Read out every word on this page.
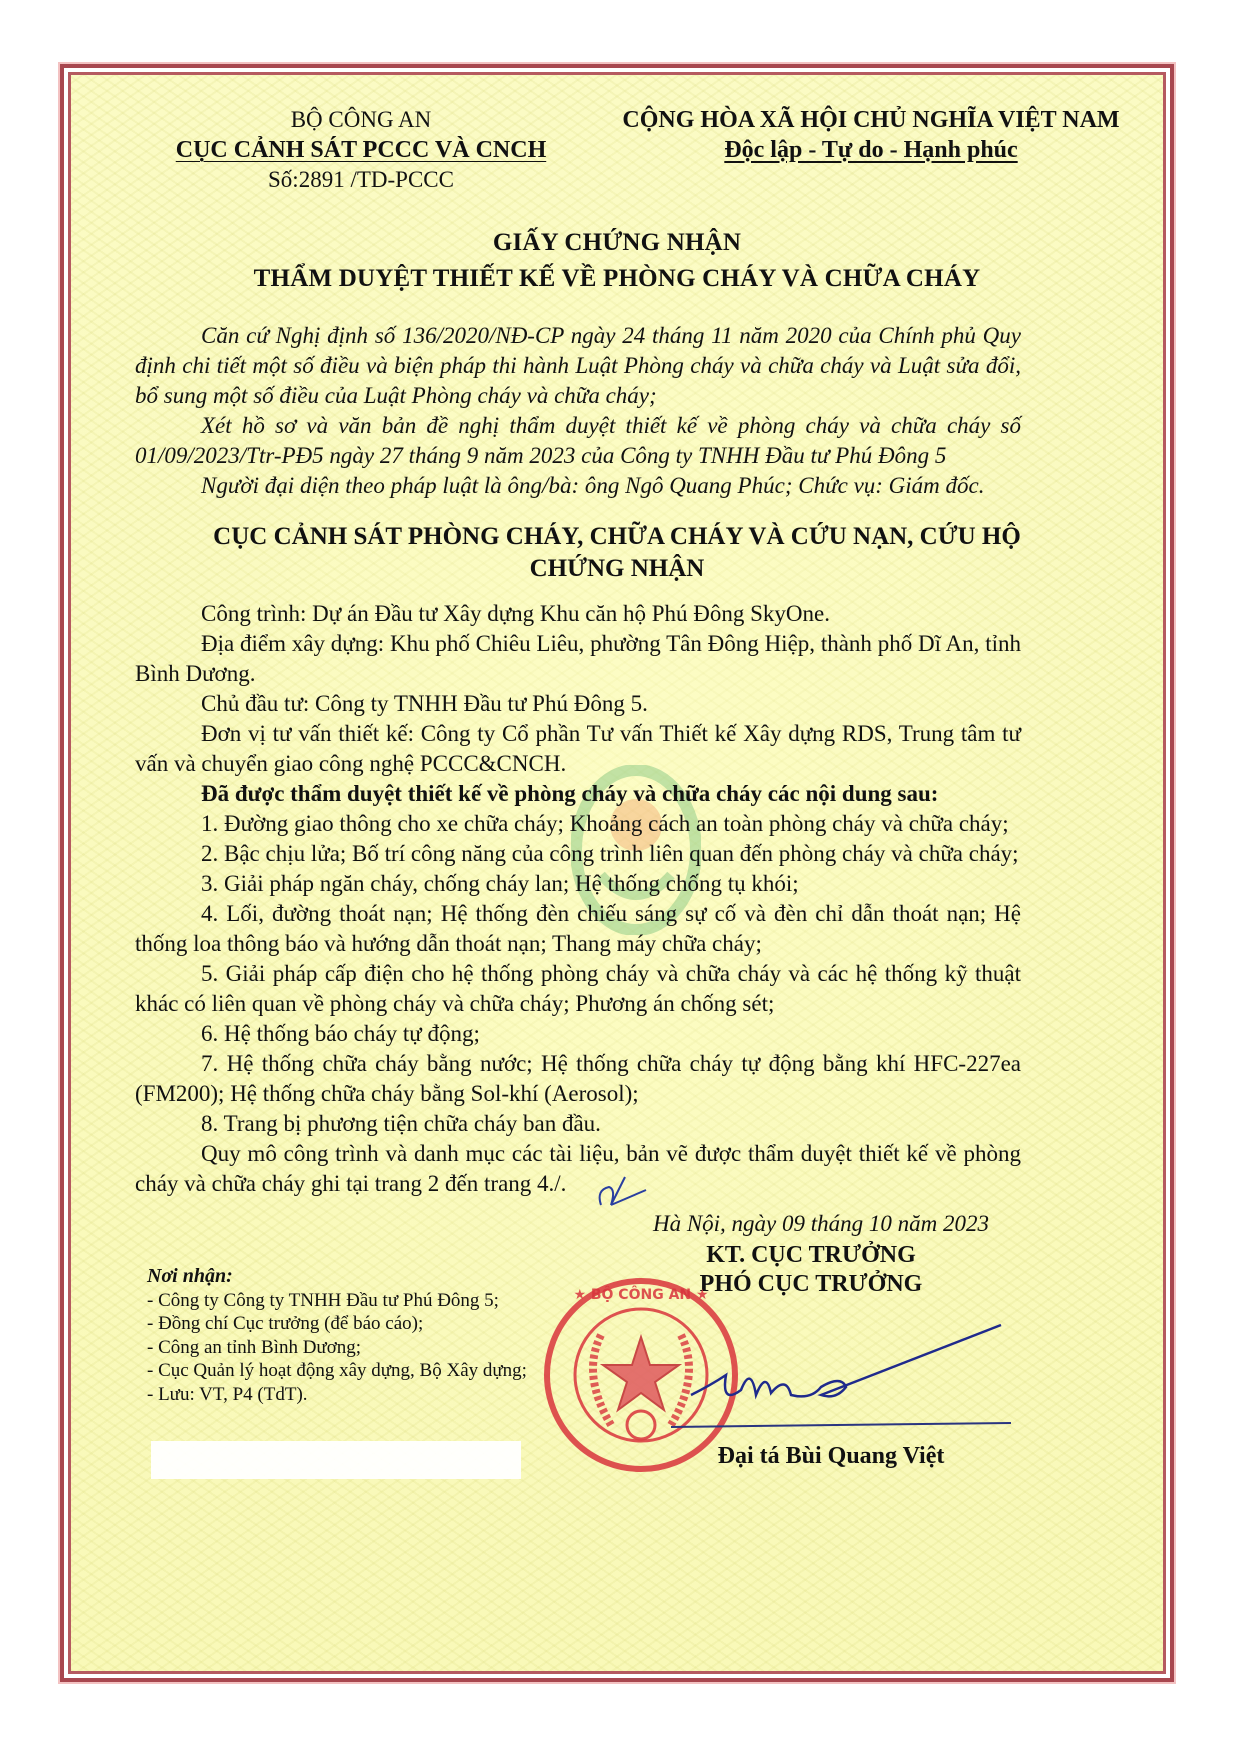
BỘ CÔNG AN
CỤC CẢNH SÁT PCCC VÀ CNCH
Số:2891 /TD-PCCC
CỘNG HÒA XÃ HỘI CHỦ NGHĨA VIỆT NAM
Độc lập - Tự do - Hạnh phúc
GIẤY CHỨNG NHẬN
THẨM DUYỆT THIẾT KẾ VỀ PHÒNG CHÁY VÀ CHỮA CHÁY
Căn cứ Nghị định số 136/2020/NĐ-CP ngày 24 tháng 11 năm 2020 của Chính phủ Quy định chi tiết một số điều và biện pháp thi hành Luật Phòng cháy và chữa cháy và Luật sửa đổi, bổ sung một số điều của Luật Phòng cháy và chữa cháy;
Xét hồ sơ và văn bản đề nghị thẩm duyệt thiết kế về phòng cháy và chữa cháy số 01/09/2023/Ttr-PĐ5 ngày 27 tháng 9 năm 2023 của Công ty TNHH Đầu tư Phú Đông 5
Người đại diện theo pháp luật là ông/bà: ông Ngô Quang Phúc; Chức vụ: Giám đốc.
CỤC CẢNH SÁT PHÒNG CHÁY, CHỮA CHÁY VÀ CỨU NẠN, CỨU HỘ
CHỨNG NHẬN
Công trình: Dự án Đầu tư Xây dựng Khu căn hộ Phú Đông SkyOne.
Địa điểm xây dựng: Khu phố Chiêu Liêu, phường Tân Đông Hiệp, thành phố Dĩ An, tỉnh Bình Dương.
Chủ đầu tư: Công ty TNHH Đầu tư Phú Đông 5.
Đơn vị tư vấn thiết kế: Công ty Cổ phần Tư vấn Thiết kế Xây dựng RDS, Trung tâm tư vấn và chuyển giao công nghệ PCCC&CNCH.
Đã được thẩm duyệt thiết kế về phòng cháy và chữa cháy các nội dung sau:
1. Đường giao thông cho xe chữa cháy; Khoảng cách an toàn phòng cháy và chữa cháy;
2. Bậc chịu lửa; Bố trí công năng của công trình liên quan đến phòng cháy và chữa cháy;
3. Giải pháp ngăn cháy, chống cháy lan; Hệ thống chống tụ khói;
4. Lối, đường thoát nạn; Hệ thống đèn chiếu sáng sự cố và đèn chỉ dẫn thoát nạn; Hệ thống loa thông báo và hướng dẫn thoát nạn; Thang máy chữa cháy;
5. Giải pháp cấp điện cho hệ thống phòng cháy và chữa cháy và các hệ thống kỹ thuật khác có liên quan về phòng cháy và chữa cháy; Phương án chống sét;
6. Hệ thống báo cháy tự động;
7. Hệ thống chữa cháy bằng nước; Hệ thống chữa cháy tự động bằng khí HFC-227ea (FM200); Hệ thống chữa cháy bằng Sol-khí (Aerosol);
8. Trang bị phương tiện chữa cháy ban đầu.
Quy mô công trình và danh mục các tài liệu, bản vẽ được thẩm duyệt thiết kế về phòng cháy và chữa cháy ghi tại trang 2 đến trang 4./.
Hà Nội, ngày 09 tháng 10 năm 2023
KT. CỤC TRƯỞNG
PHÓ CỤC TRƯỞNG
★ BỘ CÔNG AN ★
Nơi nhận:
- Công ty Công ty TNHH Đầu tư Phú Đông 5;
- Đồng chí Cục trưởng (để báo cáo);
- Công an tỉnh Bình Dương;
- Cục Quản lý hoạt động xây dựng, Bộ Xây dựng;
- Lưu: VT, P4 (TdT).
Đại tá Bùi Quang Việt
